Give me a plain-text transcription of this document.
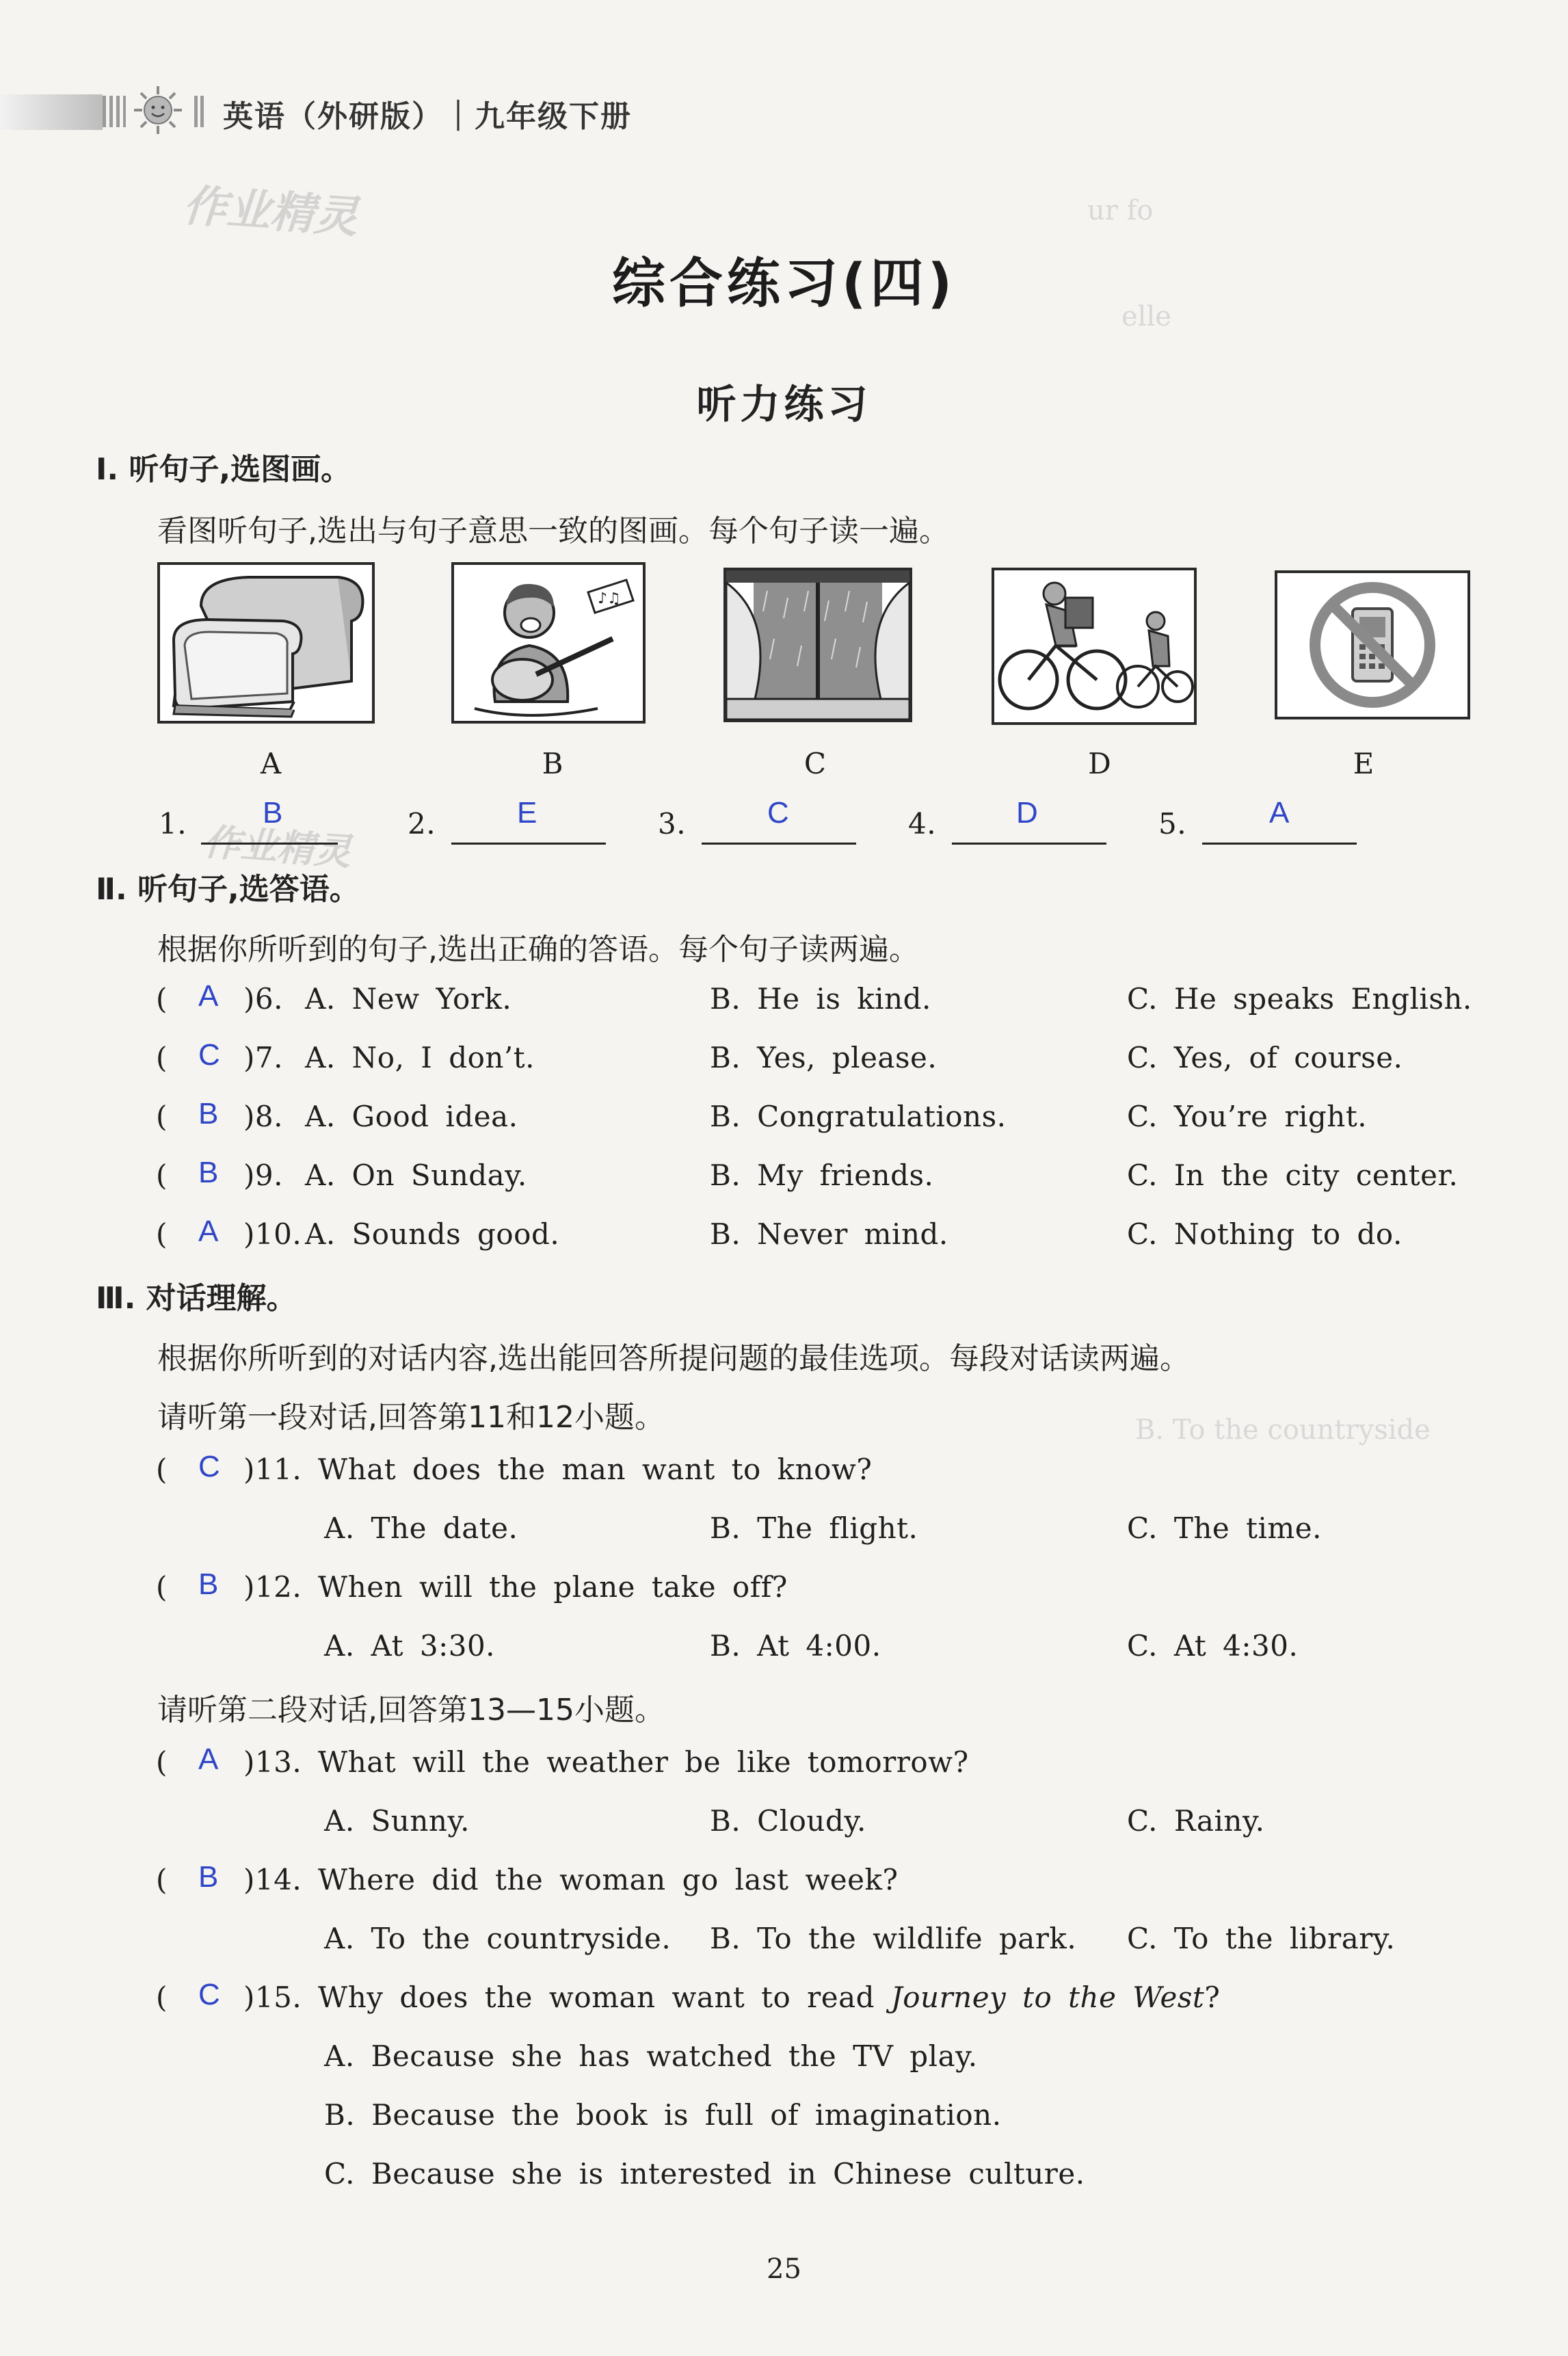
英语（外研版）｜九年级下册
ur fo
elle
作业精灵
作业精灵
综合练习(四)
听力练习
Ⅰ. 听句子,选图画。
看图听句子,选出与句子意思一致的图画。每个句子读一遍。
♪♫
A	B	C	D	E
1.	B	2.	E	3.	C	4.	D	5.	A
Ⅱ. 听句子,选答语。
根据你所听到的句子,选出正确的答语。每个句子读两遍。
( A )6. A. New York.	B. He is kind.	C. He speaks English.
( C )7. A. No, I don’t.	B. Yes, please.	C. Yes, of course.
( B )8. A. Good idea.	B. Congratulations.	C. You’re right.
( B )9. A. On Sunday.	B. My friends.	C. In the city center.
( A )10. A. Sounds good.	B. Never mind.	C. Nothing to do.
Ⅲ. 对话理解。
根据你所听到的对话内容,选出能回答所提问题的最佳选项。每段对话读两遍。
请听第一段对话,回答第11和12小题。
( C )11. What does the man want to know?
A. The date.	B. The flight.	C. The time.
( B )12. When will the plane take off?
A. At 3:30.	B. At 4:00.	C. At 4:30.
请听第二段对话,回答第13—15小题。
( A )13. What will the weather be like tomorrow?
A. Sunny.	B. Cloudy.	C. Rainy.
( B )14. Where did the woman go last week?
A. To the countryside. B. To the wildlife park. C. To the library.
( C )15. Why does the woman want to read Journey to the West?
A. Because she has watched the TV play.
B. Because the book is full of imagination.
C. Because she is interested in Chinese culture.
B. To the countryside
25
